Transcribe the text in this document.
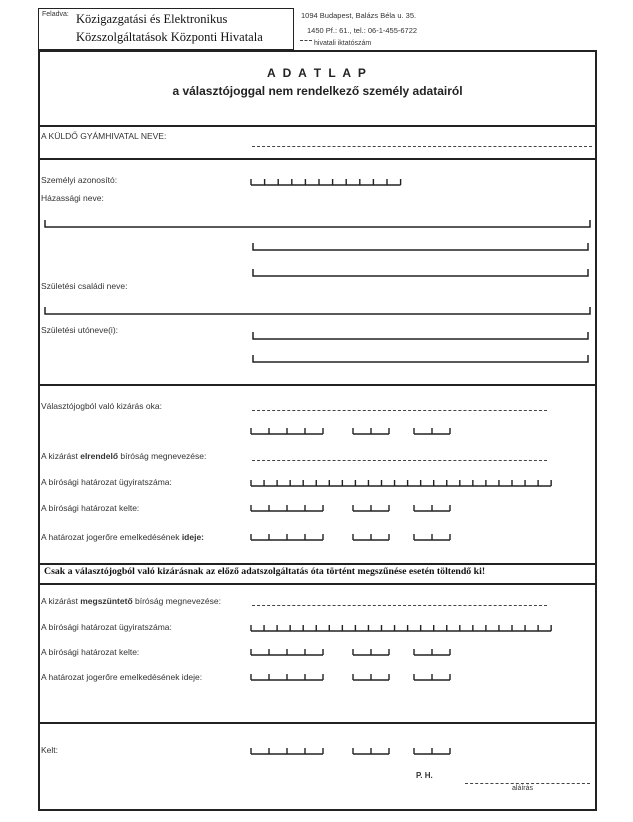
Feladva: Közigazgatási és Elektronikus
Közszolgáltatások Központi Hivatala
1094 Budapest, Balázs Béla u. 35.
1450 Pf.: 61., tel.: 06-1-455-6722
hivatali iktatószám
A D A T L A P
a választójoggal nem rendelkező személy adatairól
A KÜLDŐ GYÁMHIVATAL NEVE:
Személyi azonosító:
Házassági neve:
Születési családi neve:
Születési utóneve(i):
Választójogból való kizárás oka:
A kizárást elrendelő bíróság megnevezése:
A bírósági határozat ügyiratszáma:
A bírósági határozat kelte:
A határozat jogerőre emelkedésének ideje:
Csak a választójogból való kizárásnak az előző adatszolgáltatás óta történt megszűnése esetén töltendő ki!
A kizárást megszüntető bíróság megnevezése:
A bírósági határozat ügyiratszáma:
A bírósági határozat kelte:
A határozat jogerőre emelkedésének ideje:
Kelt:
P. H.
aláírás
